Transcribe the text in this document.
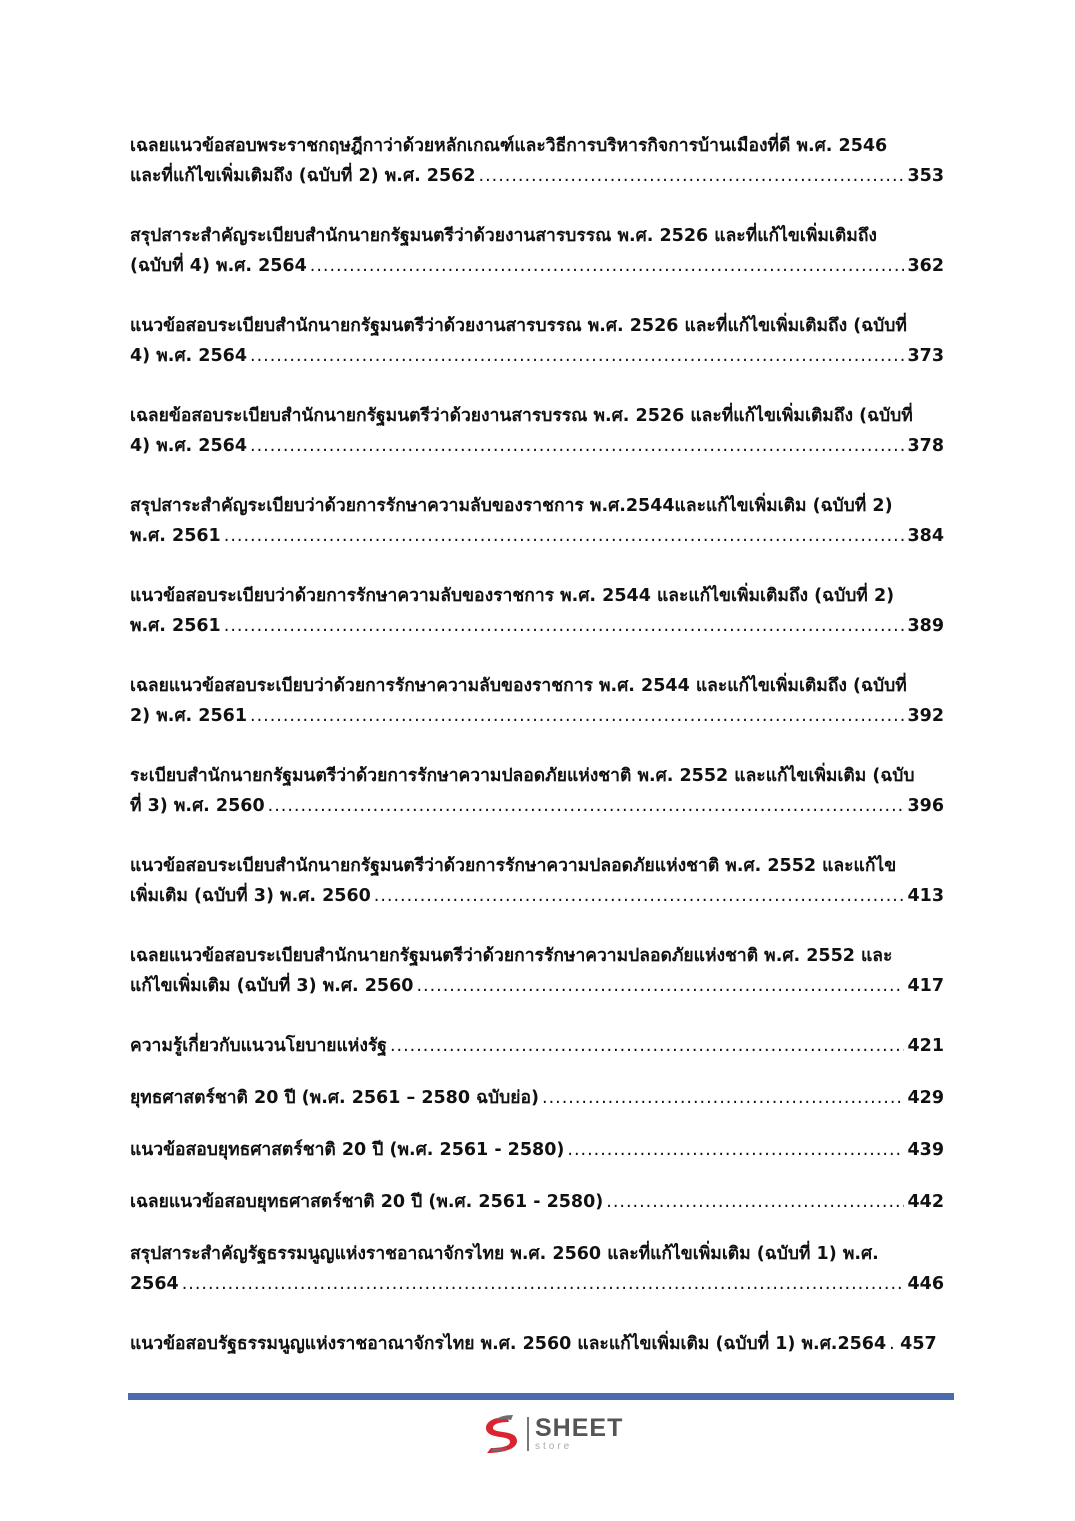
เฉลยแนวข้อสอบพระราชกฤษฎีกาว่าด้วยหลักเกณฑ์และวิธีการบริหารกิจการบ้านเมืองที่ดี พ.ศ. 2546
และที่แก้ไขเพิ่มเติมถึง (ฉบับที่ 2) พ.ศ. 2562 .....	353
สรุปสาระสำคัญระเบียบสำนักนายกรัฐมนตรีว่าด้วยงานสารบรรณ พ.ศ. 2526 และที่แก้ไขเพิ่มเติมถึง
(ฉบับที่ 4) พ.ศ. 2564 .....	362
แนวข้อสอบระเบียบสำนักนายกรัฐมนตรีว่าด้วยงานสารบรรณ พ.ศ. 2526 และที่แก้ไขเพิ่มเติมถึง (ฉบับที่
4) พ.ศ. 2564 .....	373
เฉลยข้อสอบระเบียบสำนักนายกรัฐมนตรีว่าด้วยงานสารบรรณ พ.ศ. 2526 และที่แก้ไขเพิ่มเติมถึง (ฉบับที่
4) พ.ศ. 2564 .....	378
สรุปสาระสำคัญระเบียบว่าด้วยการรักษาความลับของราชการ พ.ศ.2544และแก้ไขเพิ่มเติม (ฉบับที่ 2)
พ.ศ. 2561 .....	384
แนวข้อสอบระเบียบว่าด้วยการรักษาความลับของราชการ พ.ศ. 2544 และแก้ไขเพิ่มเติมถึง (ฉบับที่ 2)
พ.ศ. 2561 .....	389
เฉลยแนวข้อสอบระเบียบว่าด้วยการรักษาความลับของราชการ พ.ศ. 2544 และแก้ไขเพิ่มเติมถึง (ฉบับที่
2) พ.ศ. 2561 .....	392
ระเบียบสำนักนายกรัฐมนตรีว่าด้วยการรักษาความปลอดภัยแห่งชาติ พ.ศ. 2552 และแก้ไขเพิ่มเติม (ฉบับ
ที่ 3) พ.ศ. 2560 .....	396
แนวข้อสอบระเบียบสำนักนายกรัฐมนตรีว่าด้วยการรักษาความปลอดภัยแห่งชาติ พ.ศ. 2552 และแก้ไข
เพิ่มเติม (ฉบับที่ 3) พ.ศ. 2560 .....	413
เฉลยแนวข้อสอบระเบียบสำนักนายกรัฐมนตรีว่าด้วยการรักษาความปลอดภัยแห่งชาติ พ.ศ. 2552 และ
แก้ไขเพิ่มเติม (ฉบับที่ 3) พ.ศ. 2560 .....	417
ความรู้เกี่ยวกับแนวนโยบายแห่งรัฐ .....	421
ยุทธศาสตร์ชาติ 20 ปี (พ.ศ. 2561 – 2580 ฉบับย่อ) .....	429
แนวข้อสอบยุทธศาสตร์ชาติ 20 ปี (พ.ศ. 2561 - 2580) .....	439
เฉลยแนวข้อสอบยุทธศาสตร์ชาติ 20 ปี (พ.ศ. 2561 - 2580) .....	442
สรุปสาระสำคัญรัฐธรรมนูญแห่งราชอาณาจักรไทย พ.ศ. 2560 และที่แก้ไขเพิ่มเติม (ฉบับที่ 1) พ.ศ.
2564 .....	446
แนวข้อสอบรัฐธรรมนูญแห่งราชอาณาจักรไทย พ.ศ. 2560 และแก้ไขเพิ่มเติม (ฉบับที่ 1) พ.ศ.2564 ..... 457
SHEET
store
